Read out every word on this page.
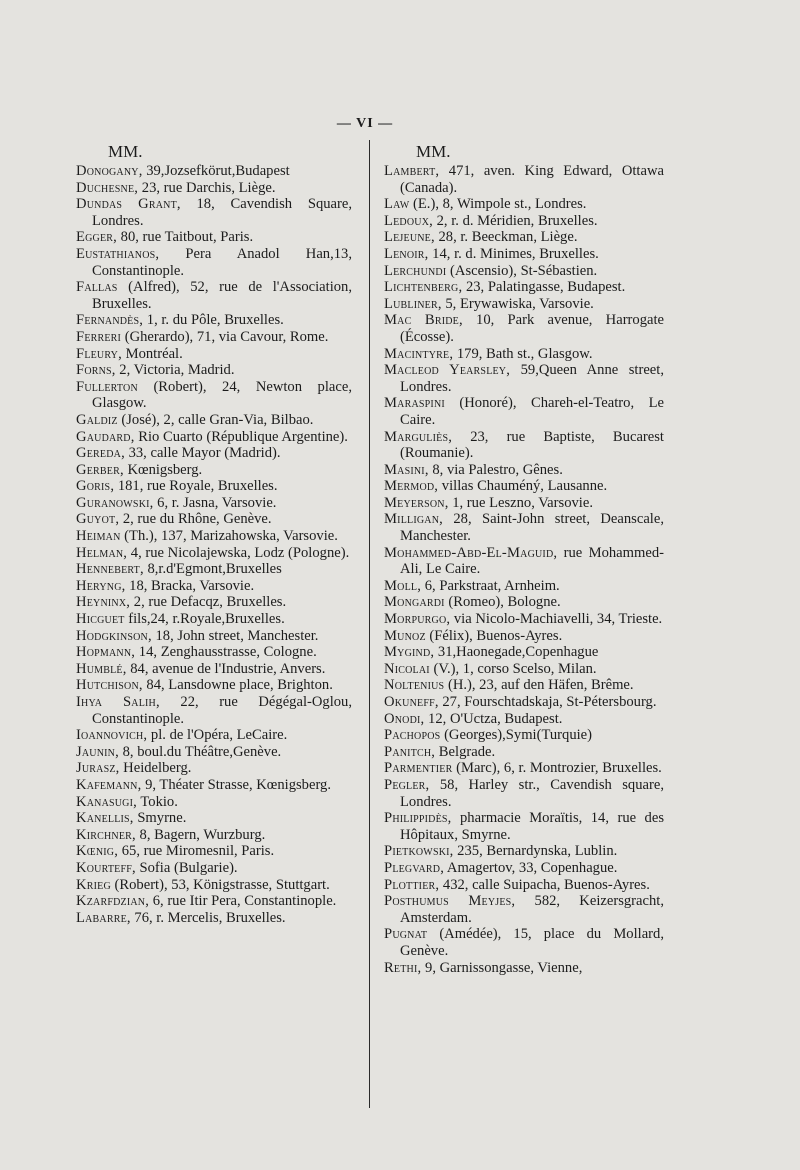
— VI —
MM.
Donogany, 39,Jozsefkörut,Budapest
Duchesne, 23, rue Darchis, Liège.
Dundas Grant, 18, Cavendish Square, Londres.
Egger, 80, rue Taitbout, Paris.
Eustathianos, Pera Anadol Han,13, Constantinople.
Fallas (Alfred), 52, rue de l'Association, Bruxelles.
Fernandès, 1, r. du Pôle, Bruxelles.
Ferreri (Gherardo), 71, via Cavour, Rome.
Fleury, Montréal.
Forns, 2, Victoria, Madrid.
Fullerton (Robert), 24, Newton place, Glasgow.
Galdiz (José), 2, calle Gran-Via, Bilbao.
Gaudard, Rio Cuarto (République Argentine).
Gereda, 33, calle Mayor (Madrid).
Gerber, Kœnigsberg.
Goris, 181, rue Royale, Bruxelles.
Guranowski, 6, r. Jasna, Varsovie.
Guyot, 2, rue du Rhône, Genève.
Heiman (Th.), 137, Marizahowska, Varsovie.
Helman, 4, rue Nicolajewska, Lodz (Pologne).
Hennebert, 8,r.d'Egmont,Bruxelles
Heryng, 18, Bracka, Varsovie.
Heyninx, 2, rue Defacqz, Bruxelles.
Hicguet fils,24, r.Royale,Bruxelles.
Hodgkinson, 18, John street, Manchester.
Hopmann, 14, Zenghausstrasse, Cologne.
Humblé, 84, avenue de l'Industrie, Anvers.
Hutchison, 84, Lansdowne place, Brighton.
Ihya Salih, 22, rue Dégégal-Oglou, Constantinople.
Ioannovich, pl. de l'Opéra, LeCaire.
Jaunin, 8, boul.du Théâtre,Genève.
Jurasz, Heidelberg.
Kafemann, 9, Théater Strasse, Kœnigsberg.
Kanasugi, Tokio.
Kanellis, Smyrne.
Kirchner, 8, Bagern, Wurzburg.
Kœnig, 65, rue Miromesnil, Paris.
Kourteff, Sofia (Bulgarie).
Krieg (Robert), 53, Königstrasse, Stuttgart.
Kzarfdzian, 6, rue Itir Pera, Constantinople.
Labarre, 76, r. Mercelis, Bruxelles.
MM.
Lambert, 471, aven. King Edward, Ottawa (Canada).
Law (E.), 8, Wimpole st., Londres.
Ledoux, 2, r. d. Méridien, Bruxelles.
Lejeune, 28, r. Beeckman, Liège.
Lenoir, 14, r. d. Minimes, Bruxelles.
Lerchundi (Ascensio), St-Sébastien.
Lichtenberg, 23, Palatingasse, Budapest.
Lubliner, 5, Erywawiska, Varsovie.
Mac Bride, 10, Park avenue, Harrogate (Écosse).
Macintyre, 179, Bath st., Glasgow.
Macleod Yearsley, 59,Queen Anne street, Londres.
Maraspini (Honoré), Chareh-el-Teatro, Le Caire.
Marguliès, 23, rue Baptiste, Bucarest (Roumanie).
Masini, 8, via Palestro, Gênes.
Mermod, villas Chauméný, Lausanne.
Meyerson, 1, rue Leszno, Varsovie.
Milligan, 28, Saint-John street, Deanscale, Manchester.
Mohammed-Abd-El-Maguid, rue Mohammed-Ali, Le Caire.
Moll, 6, Parkstraat, Arnheim.
Mongardi (Romeo), Bologne.
Morpurgo, via Nicolo-Machiavelli, 34, Trieste.
Munoz (Félix), Buenos-Ayres.
Mygind, 31,Haonegade,Copenhague
Nicolai (V.), 1, corso Scelso, Milan.
Noltenius (H.), 23, auf den Häfen, Brême.
Okuneff, 27, Fourschtadskaja, St-Pétersbourg.
Onodi, 12, O'Uctza, Budapest.
Pachopos (Georges),Symi(Turquie)
Panitch, Belgrade.
Parmentier (Marc), 6, r. Montrozier, Bruxelles.
Pegler, 58, Harley str., Cavendish square, Londres.
Philippidès, pharmacie Moraïtis, 14, rue des Hôpitaux, Smyrne.
Pietkowski, 235, Bernardynska, Lublin.
Plegvard, Amagertov, 33, Copenhague.
Plottier, 432, calle Suipacha, Buenos-Ayres.
Posthumus Meyjes, 582, Keizersgracht, Amsterdam.
Pugnat (Amédée), 15, place du Mollard, Genève.
Rethi, 9, Garnissongasse, Vienne,
